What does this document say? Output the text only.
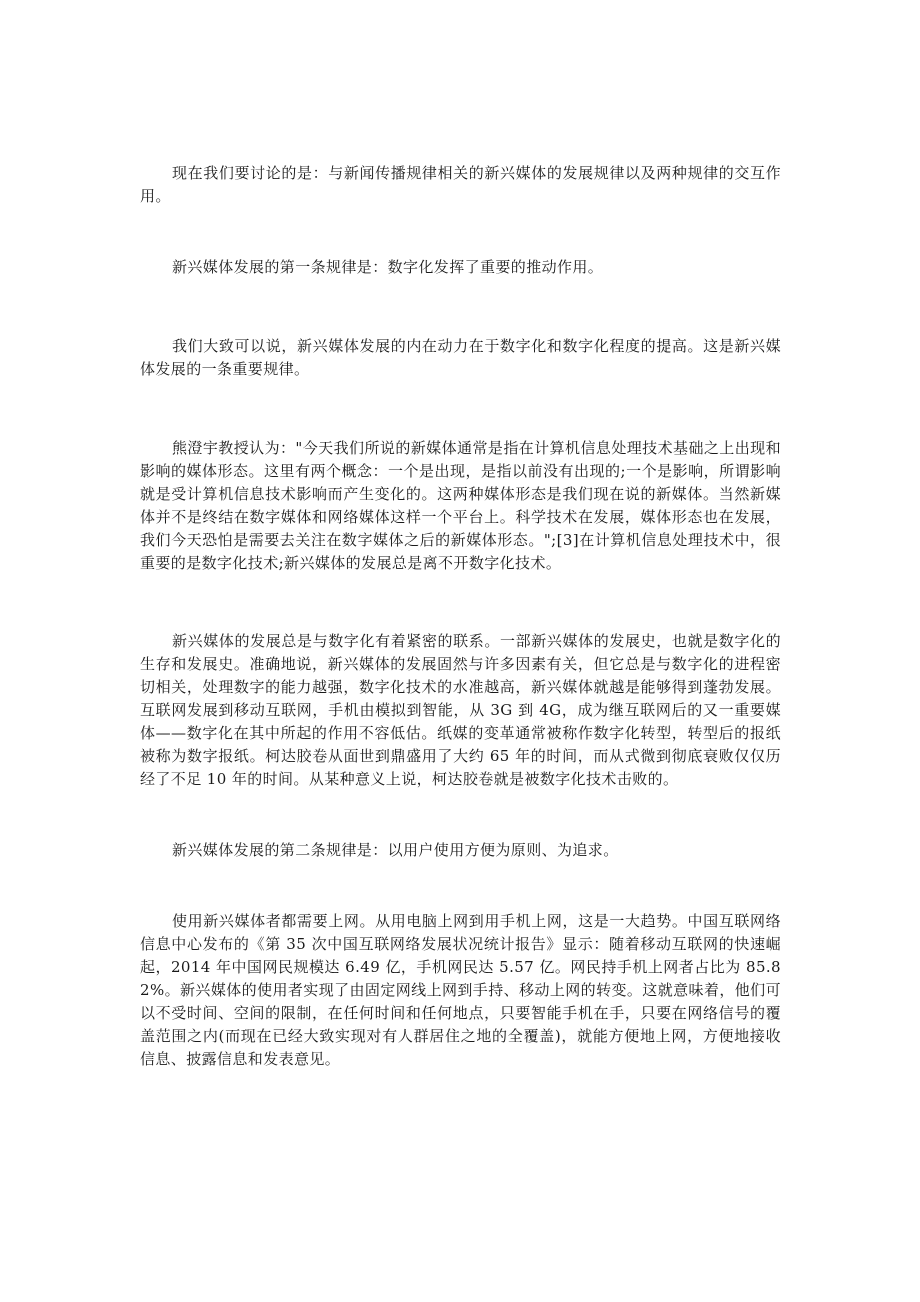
现在我们要讨论的是：与新闻传播规律相关的新兴媒体的发展规律以及两种规律的交互作用。

新兴媒体发展的第一条规律是：数字化发挥了重要的推动作用。

我们大致可以说，新兴媒体发展的内在动力在于数字化和数字化程度的提高。这是新兴媒体发展的一条重要规律。

熊澄宇教授认为："今天我们所说的新媒体通常是指在计算机信息处理技术基础之上出现和影响的媒体形态。这里有两个概念：一个是出现，是指以前没有出现的;一个是影响，所谓影响就是受计算机信息技术影响而产生变化的。这两种媒体形态是我们现在说的新媒体。当然新媒体并不是终结在数字媒体和网络媒体这样一个平台上。科学技术在发展，媒体形态也在发展，我们今天恐怕是需要去关注在数字媒体之后的新媒体形态。";[3]在计算机信息处理技术中，很重要的是数字化技术;新兴媒体的发展总是离不开数字化技术。

新兴媒体的发展总是与数字化有着紧密的联系。一部新兴媒体的发展史，也就是数字化的生存和发展史。准确地说，新兴媒体的发展固然与许多因素有关，但它总是与数字化的进程密切相关，处理数字的能力越强，数字化技术的水准越高，新兴媒体就越是能够得到蓬勃发展。互联网发展到移动互联网，手机由模拟到智能，从 3G 到 4G，成为继互联网后的又一重要媒体——数字化在其中所起的作用不容低估。纸媒的变革通常被称作数字化转型，转型后的报纸被称为数字报纸。柯达胶卷从面世到鼎盛用了大约 65 年的时间，而从式微到彻底衰败仅仅历经了不足 10 年的时间。从某种意义上说，柯达胶卷就是被数字化技术击败的。

新兴媒体发展的第二条规律是：以用户使用方便为原则、为追求。

使用新兴媒体者都需要上网。从用电脑上网到用手机上网，这是一大趋势。中国互联网络信息中心发布的《第 35 次中国互联网络发展状况统计报告》显示：随着移动互联网的快速崛起，2014 年中国网民规模达 6.49 亿，手机网民达 5.57 亿。网民持手机上网者占比为 85.82%。新兴媒体的使用者实现了由固定网线上网到手持、移动上网的转变。这就意味着，他们可以不受时间、空间的限制，在任何时间和任何地点，只要智能手机在手，只要在网络信号的覆盖范围之内(而现在已经大致实现对有人群居住之地的全覆盖)，就能方便地上网，方便地接收信息、披露信息和发表意见。
